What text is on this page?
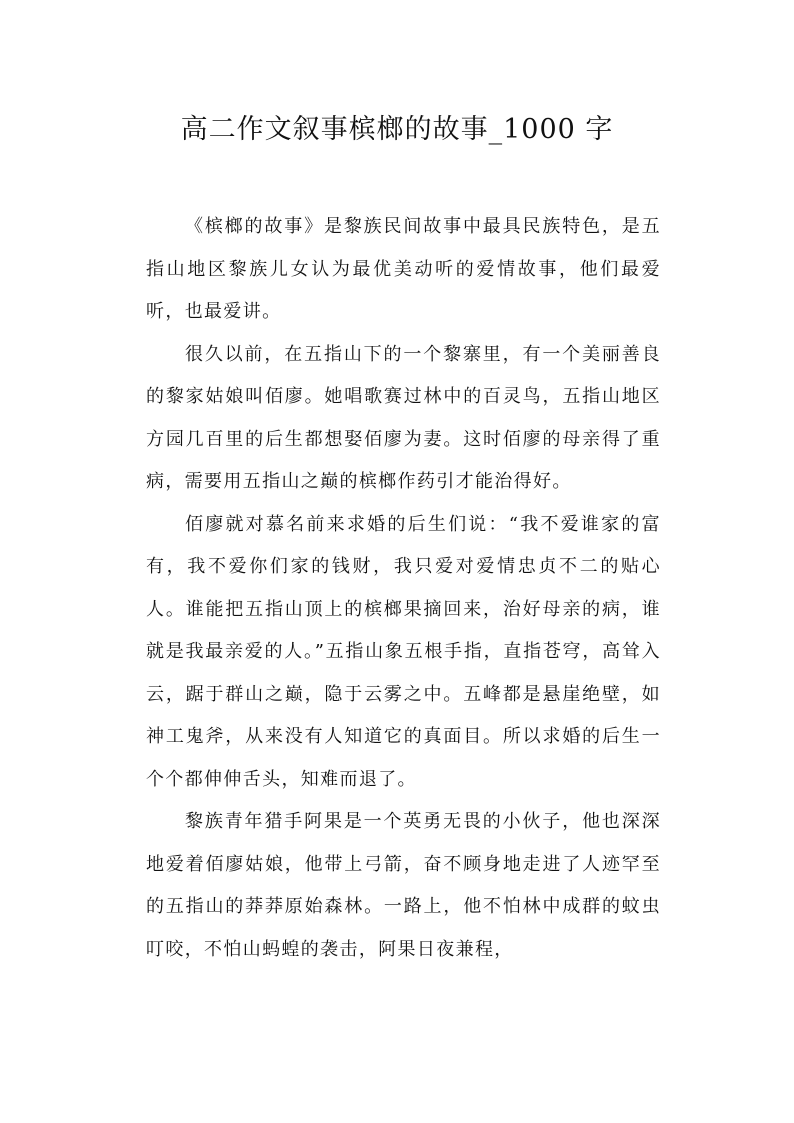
高二作文叙事槟榔的故事_1000 字

《槟榔的故事》是黎族民间故事中最具民族特色，是五指山地区黎族儿女认为最优美动听的爱情故事，他们最爱听，也最爱讲。

很久以前，在五指山下的一个黎寨里，有一个美丽善良的黎家姑娘叫佰廖。她唱歌赛过林中的百灵鸟，五指山地区方园几百里的后生都想娶佰廖为妻。这时佰廖的母亲得了重病，需要用五指山之巅的槟榔作药引才能治得好。

佰廖就对慕名前来求婚的后生们说：“我不爱谁家的富有，我不爱你们家的钱财，我只爱对爱情忠贞不二的贴心人。谁能把五指山顶上的槟榔果摘回来，治好母亲的病，谁就是我最亲爱的人。”五指山象五根手指，直指苍穹，高耸入云，踞于群山之巅，隐于云雾之中。五峰都是悬崖绝壁，如神工鬼斧，从来没有人知道它的真面目。所以求婚的后生一个个都伸伸舌头，知难而退了。

黎族青年猎手阿果是一个英勇无畏的小伙子，他也深深地爱着佰廖姑娘，他带上弓箭，奋不顾身地走进了人迹罕至的五指山的莽莽原始森林。一路上，他不怕林中成群的蚊虫叮咬，不怕山蚂蝗的袭击，阿果日夜兼程，
